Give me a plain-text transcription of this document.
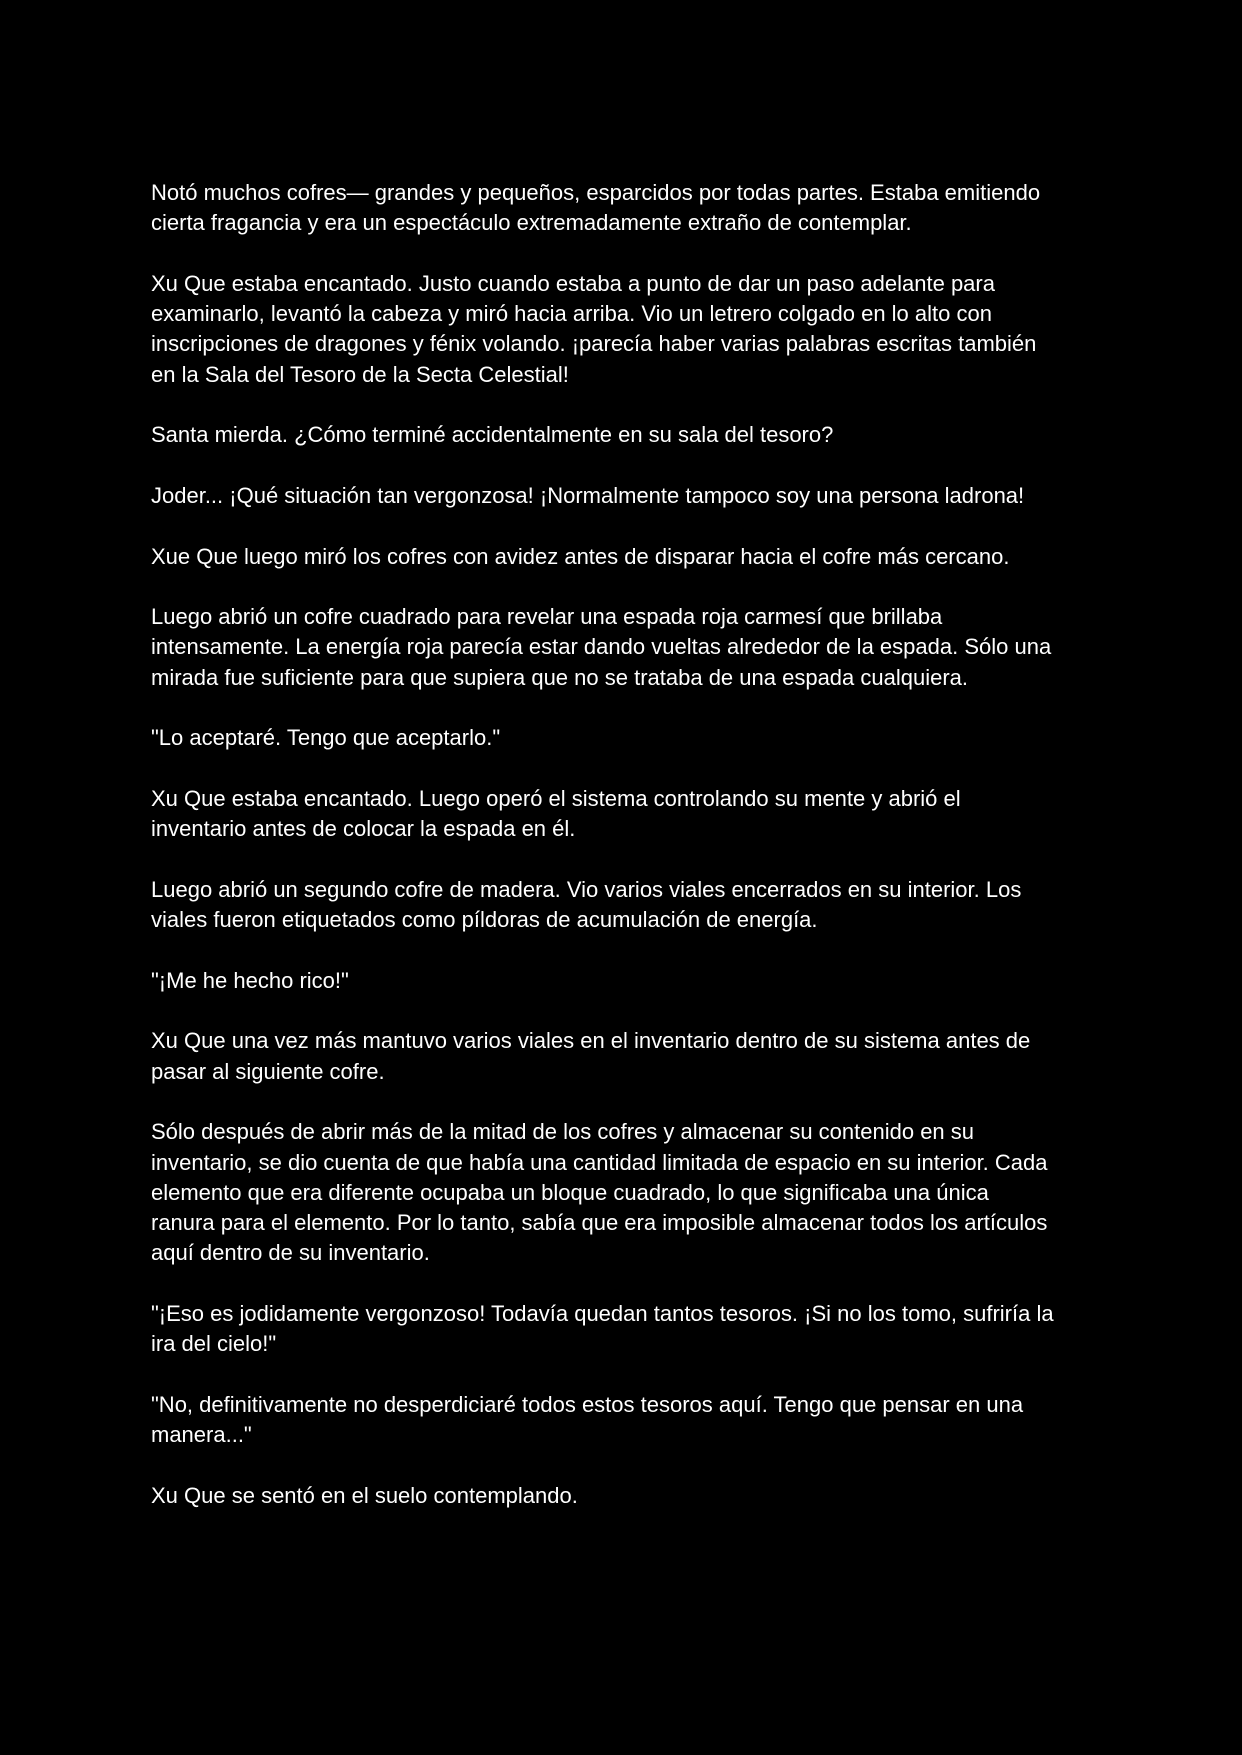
Notó muchos cofres— grandes y pequeños, esparcidos por todas partes. Estaba emitiendo
cierta fragancia y era un espectáculo extremadamente extraño de contemplar.

Xu Que estaba encantado. Justo cuando estaba a punto de dar un paso adelante para
examinarlo, levantó la cabeza y miró hacia arriba. Vio un letrero colgado en lo alto con
inscripciones de dragones y fénix volando. ¡parecía haber varias palabras escritas también
en la Sala del Tesoro de la Secta Celestial!

Santa mierda. ¿Cómo terminé accidentalmente en su sala del tesoro?

Joder... ¡Qué situación tan vergonzosa! ¡Normalmente tampoco soy una persona ladrona!

Xue Que luego miró los cofres con avidez antes de disparar hacia el cofre más cercano.

Luego abrió un cofre cuadrado para revelar una espada roja carmesí que brillaba
intensamente. La energía roja parecía estar dando vueltas alrededor de la espada. Sólo una
mirada fue suficiente para que supiera que no se trataba de una espada cualquiera.

"Lo aceptaré. Tengo que aceptarlo."

Xu Que estaba encantado. Luego operó el sistema controlando su mente y abrió el
inventario antes de colocar la espada en él.

Luego abrió un segundo cofre de madera. Vio varios viales encerrados en su interior. Los
viales fueron etiquetados como píldoras de acumulación de energía.

"¡Me he hecho rico!"

Xu Que una vez más mantuvo varios viales en el inventario dentro de su sistema antes de
pasar al siguiente cofre.

Sólo después de abrir más de la mitad de los cofres y almacenar su contenido en su
inventario, se dio cuenta de que había una cantidad limitada de espacio en su interior. Cada
elemento que era diferente ocupaba un bloque cuadrado, lo que significaba una única
ranura para el elemento. Por lo tanto, sabía que era imposible almacenar todos los artículos
aquí dentro de su inventario.

"¡Eso es jodidamente vergonzoso! Todavía quedan tantos tesoros. ¡Si no los tomo, sufriría la
ira del cielo!"

"No, definitivamente no desperdiciaré todos estos tesoros aquí. Tengo que pensar en una
manera..."

Xu Que se sentó en el suelo contemplando.
